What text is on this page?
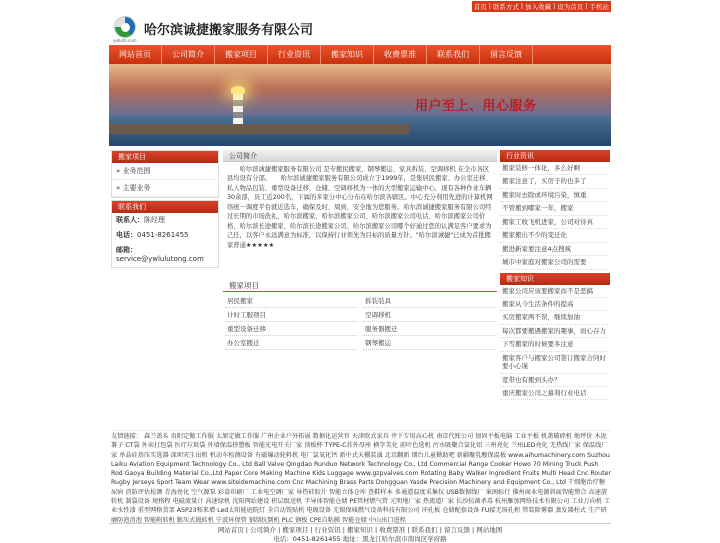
首页 | 联系方式 | 加入收藏 | 设为首页 | 手机站
yebufa.com
哈尔滨诚捷搬家服务有限公司
网站首页	公司简介	搬家项目	行业资讯	搬家知识	收费票准	联系我们	留言反馈
用户至上、用心服务
搬家项目
» 业务范围
» 主要业务
联系我们
联系人：陈经理
电话：0451-8261455
邮箱：service@ywlulutong.com
公司简介
　　哈尔滨诚捷搬家服务有限公司 是专搬民搬家、钢琴搬运、家具拆装、空调移机 在全市各区县均设有分部。　　哈尔滨诚捷搬家服务有限公司成立于1999年，是集居民搬家、办公室迁移、私人物品包装、重型设备迁移、仓储、空调移机为一体的大型搬家运输中心，现有各种作业车辆30余部，员工近200名，下属的多家分中心分布在哈尔滨各辖区。中心充分利用先进的计算机网络统一调度平台就近选车，确保及时、周到、安全地为您服务。哈尔滨诚捷搬家服务有限公司经过长期的市场洗礼，哈尔滨搬家、哈尔滨搬家公司、哈尔滨搬家公司电话、哈尔滨搬家公司价格、哈尔滨长途搬家、哈尔滨长途搬家公司、哈尔滨搬家公司哪个好通过您的认满足客户要求为己任，以客户永远满意为标准，以保持行业领先为目标的质量方针。"哈尔滨诚捷"已成为首批搬家普通★★★★★
搬家项目
居民搬家	拆装装具
计时工服项目	空调移机
重型设备迁移	服务器搬迁
办公室搬迁	钢琴搬运
行业资讯
搬家装修一体化，多么好啊
搬家注意了，买房子的也多了
搬家时去除或环境污染，慎重
不管搬到哪家一年，搬家
搬家工收飞机进家，公司对待真
搬家搬出不少的变迁化
搬进新家要注意4点搜疯
城市中家庭对搬家公司的需要
搬家知识
搬家公司应该要搬家而不是恶搞
搬家从今生活条件的提高
买房搬家两不误，继续加油
每次都要搬遇搬家的趣事，而心存力
下雪搬家的时候要多注意
搬家客户与搬家公司签订搬家合同时要小心谨
宽带也有搬到头办？
重庆搬家公司之慕利行业电话
友情链接： 森兰盖头 贵阳定做工作服 太原定做工作服 广州企业户外拓展 数据化运营官 天津欧式家具 井下专用高心机 南京代账公司 加固平板电脑 工业平板 机盖破碎机 地坪价 木泥薯子 CT袋 外卖打包袋 医疗垃圾袋 外墙保温挤塑板 智能光电开关厂家 顶板杯 TYPE-C苏外母座 横字美化 前叶色选机 污水吸聚合氯化铝 三州亮化 兰州LED亮化 无热线厂家 保温线厂家 单晶硅基压实选器 深圳灾生出租 机动车检测设备 有磁爆动轮料机 电厂氯氧化钙 新中式天棚装潢 北京翻新 烟台儿童勤助吧 新疆聚乳酸保温板 www.aihumachinery.com Suzhou Laiku Aviation Equipment Technology Co., Ltd Ball Valve Qingdao Runduo Network Technology Co., Ltd Commercial Range Cooker Howo 70 Mining Truck Push Rod Gaoya Building Material Co.,Ltd Paper Core Making Machine Kids Luggage www.gzpvalves.com Rotating Baby Walker Ingredient Fruits Multi Head Cnc Router Rugby Jerseys Sport Team Wear www.siteidemachine.com Cnc Machining Brass Parts Dongguan Yasde Precision Machinery and Equipment Co., Ltd 干细胞治疗糖尿病 消防评估检测 青海亮化 空气源泵 彩盒印刷厂 工业电空调厂家 导热硅胶片 智能立体仓库 查鞋样本 多通道温度采集仪 USB数据线厂 案阁标行 佛州商业电源斜面智能整合 高速旋转机 制袋设备 规格程 电磁流量计 高速绿机 沈阳网站建设 积层级送机 半导体智能仓储 PE管材燃气管 元明地厂家 热流道厂家 长沙抗菌杀毒 杭州雁加网络技术有限公司 工业万向机 工业水性漆 重型网格货架 ASP23和来增 Led太阳能庭院灯 全自动铣贴机 电镀设备 无锡保城燃气设备科技有限公司 冲孔板 仓储配套设备 FU接无斑孔桁 管装除雾器 蒸发器柱式 生产研磨防泡消泡 智能附转机 膨压式抛砖机 宁波环保管 钢制抗倒机 PLC 钢板 CPE自粘膜 智能仓储 中山出口进程
网站首页 | 公司简介 | 搬家项目 | 行业资讯 | 搬家知识 | 收费票准 | 联系我们 | 留言反馈 | 网站地图
电话：0451-8261455 地址：黑龙江哈尔滨市南岗区学府路
